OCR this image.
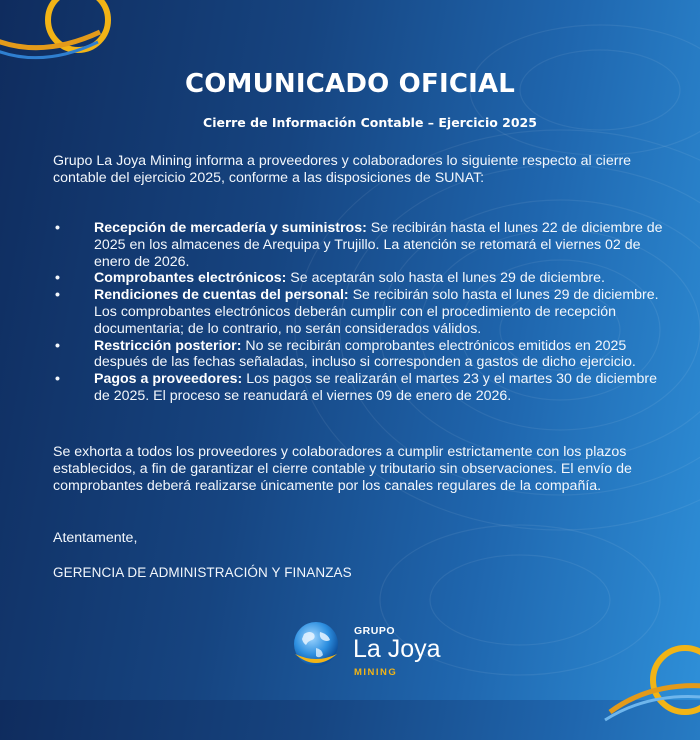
COMUNICADO OFICIAL
Cierre de Información Contable – Ejercicio 2025
Grupo La Joya Mining informa a proveedores y colaboradores lo siguiente respecto al cierre contable del ejercicio 2025, conforme a las disposiciones de SUNAT:
• Recepción de mercadería y suministros: Se recibirán hasta el lunes 22 de diciembre de 2025 en los almacenes de Arequipa y Trujillo. La atención se retomará el viernes 02 de enero de 2026.
• Comprobantes electrónicos: Se aceptarán solo hasta el lunes 29 de diciembre.
• Rendiciones de cuentas del personal: Se recibirán solo hasta el lunes 29 de diciembre. Los comprobantes electrónicos deberán cumplir con el procedimiento de recepción documentaria; de lo contrario, no serán considerados válidos.
• Restricción posterior: No se recibirán comprobantes electrónicos emitidos en 2025 después de las fechas señaladas, incluso si corresponden a gastos de dicho ejercicio.
• Pagos a proveedores: Los pagos se realizarán el martes 23 y el martes 30 de diciembre de 2025. El proceso se reanudará el viernes 09 de enero de 2026.
Se exhorta a todos los proveedores y colaboradores a cumplir estrictamente con los plazos establecidos, a fin de garantizar el cierre contable y tributario sin observaciones. El envío de comprobantes deberá realizarse únicamente por los canales regulares de la compañía.
Atentamente,
GERENCIA DE ADMINISTRACIÓN Y FINANZAS
GRUPO
La Joya
MINING
